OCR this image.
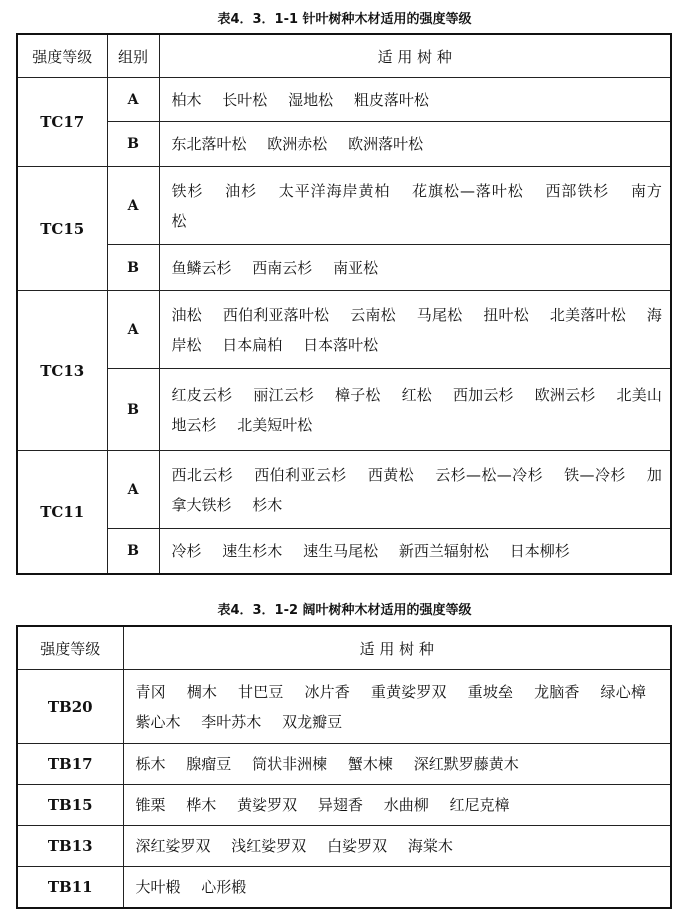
表4．3．1-1 针叶树种木材适用的强度等级
强度等级	组别	适 用 树 种
TC17	A	柏木 长叶松 湿地松 粗皮落叶松
	B	东北落叶松 欧洲赤松 欧洲落叶松
TC15	A	铁杉 油杉 太平洋海岸黄柏 花旗松—落叶松 西部铁杉 南方松
	B	鱼鳞云杉 西南云杉 南亚松
TC13	A	油松 西伯利亚落叶松 云南松 马尾松 扭叶松 北美落叶松 海岸松 日本扁柏 日本落叶松
	B	红皮云杉 丽江云杉 樟子松 红松 西加云杉 欧洲云杉 北美山地云杉 北美短叶松
TC11	A	西北云杉 西伯利亚云杉 西黄松 云杉—松—冷杉 铁—冷杉 加拿大铁杉 杉木
	B	冷杉 速生杉木 速生马尾松 新西兰辐射松 日本柳杉
表4．3．1-2 阔叶树种木材适用的强度等级
强度等级	适 用 树 种
TB20	青冈 椆木 甘巴豆 冰片香 重黄娑罗双 重坡垒 龙脑香 绿心樟 紫心木 李叶苏木 双龙瓣豆
TB17	栎木 腺瘤豆 筒状非洲楝 蟹木楝 深红默罗藤黄木
TB15	锥栗 桦木 黄娑罗双 异翅香 水曲柳 红尼克樟
TB13	深红娑罗双 浅红娑罗双 白娑罗双 海棠木
TB11	大叶椴 心形椴
